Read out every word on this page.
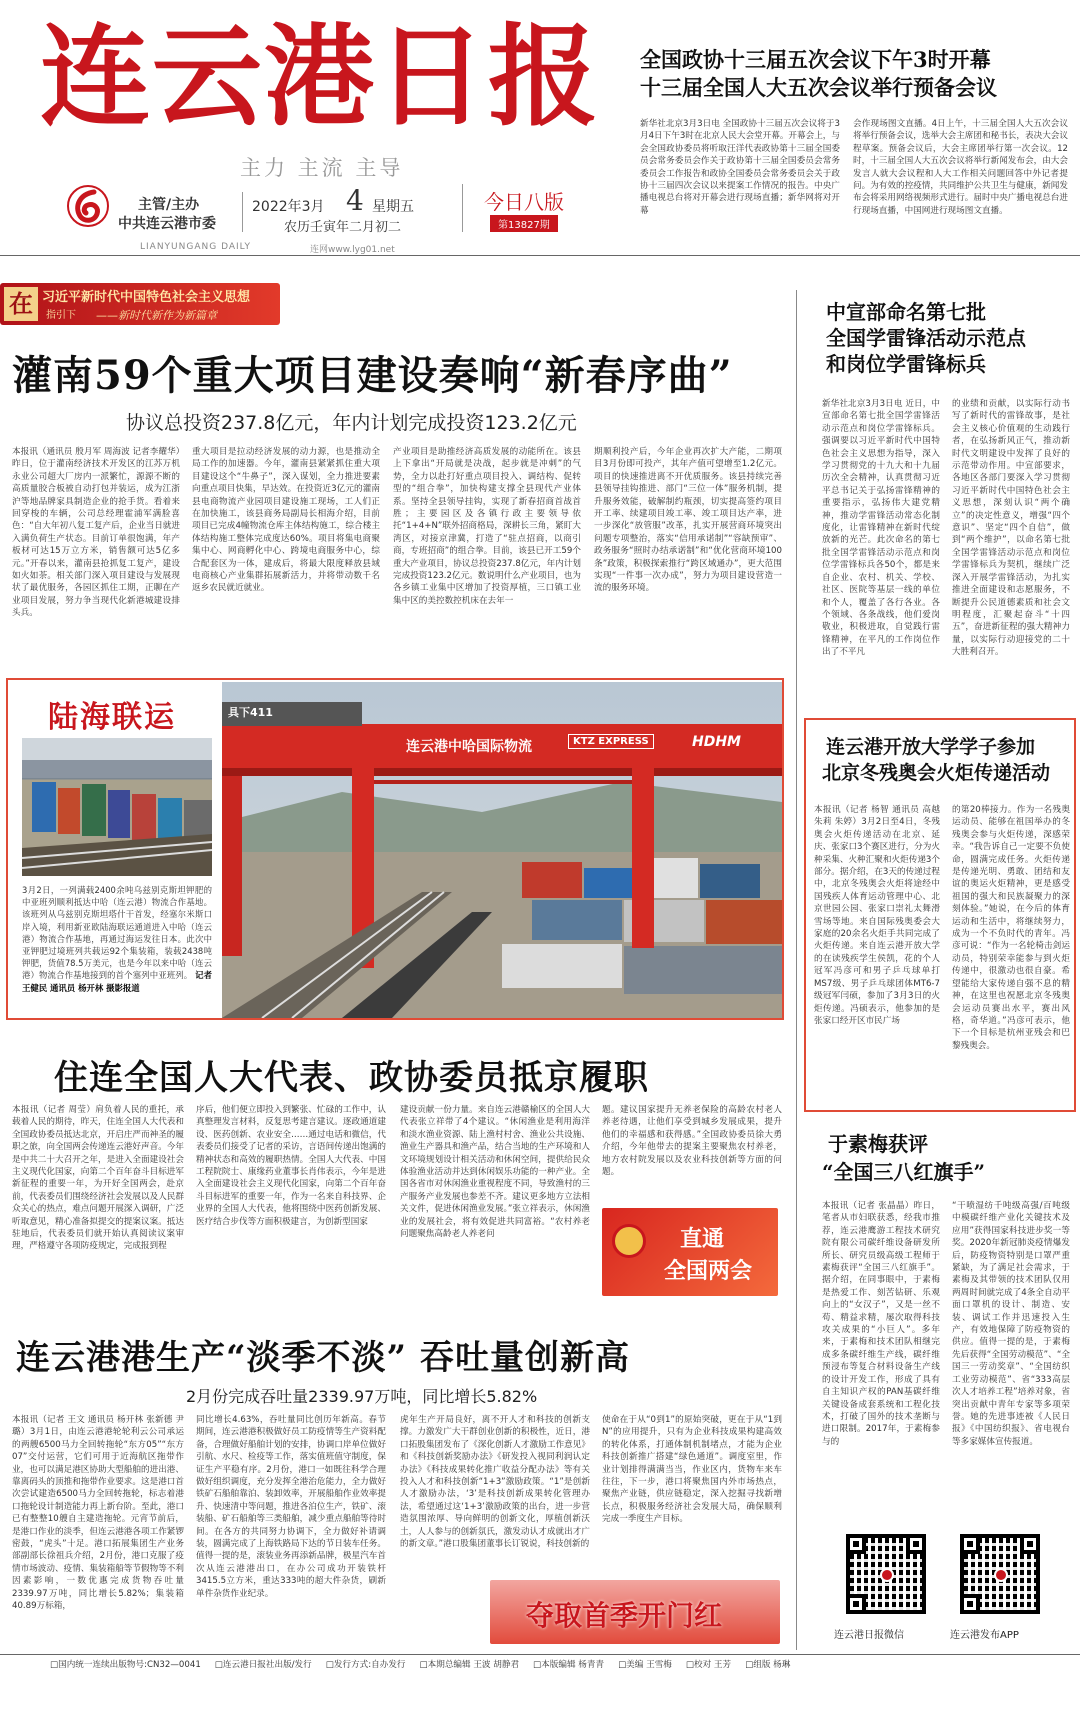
连云港日报
主力 主流 主导
主管/主办
中共连云港市委
2022年3月 4 星期五
农历壬寅年二月初二
今日八版
第13827期
LIANYUNGANG DAILY	连网www.lyg01.net
全国政协十三届五次会议下午3时开幕
十三届全国人大五次会议举行预备会议
新华社北京3月3日电 全国政协十三届五次会议将于3月4日下午3时在北京人民大会堂开幕。开幕会上，与会全国政协委员将听取汪洋代表政协第十三届全国委员会常务委员会作关于政协第十三届全国委员会常务委员会工作报告和政协全国委员会常务委员会关于政协十三届四次会议以来提案工作情况的报告。中央广播电视总台将对开幕会进行现场直播；新华网将对开幕
会作现场图文直播。4日上午，十三届全国人大五次会议将举行预备会议，选举大会主席团和秘书长，表决大会议程草案。预备会议后，大会主席团举行第一次会议。12时，十三届全国人大五次会议将举行新闻发布会，由大会发言人就大会议程和人大工作相关问题回答中外记者提问。为有效的控疫情，共同维护公共卫生与健康，新闻发布会将采用网络视频形式进行。届时中央广播电视总台进行现场直播，中国网进行现场图文直播。
在 习近平新时代中国特色社会主义思想
指引下 ——新时代新作为新篇章
灌南59个重大项目建设奏响“新春序曲”
协议总投资237.8亿元，年内计划完成投资123.2亿元
本报讯（通讯员 殷月军 周海波 记者李耀华）昨日，位于灌南经济技术开发区的江苏万机永业公司超大厂房内一派繁忙，源源不断的高质量胶合板被自动打包并装运，成为江浙沪等地品牌家具制造企业的抢手货。看着来回穿梭的车辆，公司总经理霍浦军满脸喜色：“自大年初八复工复产后，企业当日就进入满负荷生产状态。目前订单很饱满，年产板材可达15万立方米，销售额可达5亿多元。”开春以来，灌南县抢抓复工复产，建设如火如荼。相关部门深入项目建设与发展现状了最优服务，各园区抓住工期，正聊在产业项目发展，努力争当现代化新港城建设排头兵。
重大项目是拉动经济发展的动力源，也是推动全局工作的加速器。今年，灌南县紧紧抓住重大项目建设这个“牛鼻子”，深入谋划，全力推进要素向重点项目快集，早达效。在投资近3亿元的灌南县电商物流产业园项目建设施工现场，工人们正在加快施工，该县商务局副局长相海介绍，目前项目已完成4幢物流仓库主体结构施工，综合楼主体结构施工整体完成度达60%。项目将集电商聚集中心、网商孵化中心、跨境电商服务中心，综合配套区为一体，建成后，将最大限度释放县域电商核心产业集群拓展新活力，并将带动数千名返乡农民就近就业。
产业项目是助推经济高质发展的动能所在。该县上下拿出“开局就是决战，起步就是冲刺”的气势，全力以赴打好重点项目投入、调结构、促转型的“组合拳”，加快构建支撑全县现代产业体系。坚持全县领导挂钩，实现了新春招商首战首胜；主要园区及各镇行政主要领导依托“1+4+N”联外招商格局，深耕长三角，紧盯大湾区，对接京津冀，打造了“驻点招商，以商引商，专班招商”的组合拳。目前，该县已开工59个重大产业项目，协议总投资237.8亿元，年内计划完成投资123.2亿元。数说明什么产业项目，也为各乡镇工业集中区增加了投资厚植，三口镇工业集中区的美控数控机床在去年一
期顺利投产后，今年企业再次扩大产能，二期项目3月份即可投产，其年产值可望增至1.2亿元。项目的快速推进离不开优质服务。该县持续完善县领导挂钩推进、部门“三位一体”服务机制，提升服务效能，破解制约瓶颈，切实提高签约项目开工率、续建项目竣工率、竣工项目达产率，进一步深化“放管服”改革，扎实开展营商环境突出问题专项整治，落实“信用承诺制”“容缺预审”、政务服务“照时办结承诺制”和“优化营商环境100条”政策，积极探索推行“跨区域通办”，更大范围实现“一件事一次办成”，努力为项目建设营造一流的服务环境。
陆海联运
3月2日，一列满载2400余吨乌兹别克斯坦钾肥的中亚班列顺利抵达中哈（连云港）物流合作基地。该班列从乌兹别克斯坦塔什干首发，经塞尔米斯口岸入境，利用新亚欧陆海联运通道进入中哈（连云港）物流合作基地，再通过海运发往日本。此次中亚钾肥过境班列共载运92个集装箱，装载2438吨钾肥，货值78.5万美元，也是今年以来中哈（连云港）物流合作基地接到的首个塞列中亚班列。 记者 王健民 通讯员 杨开林 摄影报道
具下411
连云港中哈国际物流	KTZ EXPRESS	HDHM
住连全国人大代表、政协委员抵京履职
本报讯（记者 周莹）肩负着人民的重托，承载着人民的期待，昨天，住连全国人大代表和全国政协委员抵达北京，开启庄严而神圣的履职之旅，向全国两会传递连云港好声音。今年是中共二十大召开之年，是进入全面建设社会主义现代化国家，向第二个百年奋斗目标进军新征程的重要一年，为开好全国两会，赴京前，代表委员们围绕经济社会发展以及人民群众关心的热点，难点问题开展深入调研，广泛听取意见，精心准备拟提交的提案议案。抵达驻地后，代表委员们就开始认真阅读议案审理，严格遵守各项防疫规定，完成报到程
序后，他们便立即投入到繁张、忙碌的工作中，认真整理发言材料，反复思考建言建议。逐政通道建设、医药创新、农业安全……通过电话和微信，代表委员们接受了记者的采访，言语间传递出饱满的精神状态和高效的履职热情。全国人大代表、中国工程院院士、康缘药业董事长肖伟表示，今年是进入全面建设社会主义现代化国家，向第二个百年奋斗目标进军的重要一年，作为一名来自科技界、企业界的全国人大代表，他将围绕中医药创新发展、医疗结合步伐等方面积极建言，为创新型国家
建设贡献一份力量。来自连云港赣榆区的全国人大代表张立祥带了4个建议。“休闲渔业是利用海洋和淡水渔业资源、陆上渔村村舍、渔业公共设施、渔业生产器具和渔产品，结合当地的生产环境和人文环境规划设计相关活动和休闲空间，提供给民众体验渔业活动并达到休闲娱乐功能的一种产业。全国各省市对休闲渔业重视程度不同，导致渔村的三产服务产业发展也参差不齐。建议更多地方立法相关文件，促进休闲渔业发展。”张立祥表示，休闲渔业的发展社会，将有效促进共同富裕。“农村养老问题聚焦高龄老人养老问
题。建议国家提升无养老保险的高龄农村老人养老待遇，让他们享受到城乡发展成果，提升他们的幸福感和获得感。”全国政协委员徐大勇介绍，今年他带去的提案主要聚焦农村养老，地方农村院发展以及农业科技创新等方面的问题。
直通
全国两会
连云港港生产“淡季不淡” 吞吐量创新高
2月份完成吞吐量2339.97万吨，同比增长5.82%
本报讯（记者 王文 通讯员 杨开林 张新德 尹璐）3月1日，由连云港港轮轮利云公司承运的两艘6500马力全回转拖轮“东方05”“东方07”交付运营，它们可用于近海航区拖带作业，也可以满足港区协助大型船舶的进出港、靠离码头的顶推和拖带作业要求。这是港口首次尝试建造6500马力全回转拖轮，标志着港口拖轮设计制造能力再上新台阶。至此，港口已有整整10艘自主建造拖轮。元宵节前后，是港口作业的淡季，但连云港港各项工作紧锣密鼓，“虎头”十足。港口拓展集团生产业务部副部长徐祖兵介绍，2月份，港口克服了疫情市场波动、疫情、集装箱船等节假物等不利因素影响，一数优惠完成货物吞吐量2339.97万吨，同比增长5.82%；集装箱40.89万标箱，
同比增长4.63%，吞吐量同比创历年新高。春节期间，连云港港积极做好员工防疫情等生产资料配备，合理做好船舶计划的安排，协调口岸单位做好引航、水尺、检疫等工作，落实值班值守制度，保证生产平稳有序。2月份，港口一如既往科学合理做好组织调度，充分发挥全港治危能力，全力做好铁矿石船舶靠泊、装卸效率，开展船舶作业效率提升、快速清中等问题，推进各泊位生产，铁矿、滚装船、矿石船舶等三类船舶，减少重点船舶等待时间。在各方的共同努力协调下，全力做好补请调装，圆满完成了上海铁路局下达的节日装车任务。值得一提的是，滚装业务再添新品牌，极星汽车首次从连云港港出口，在办公司成功开装铁杆3415.5立方米，重达333吨的超大件杂货，刷新单件杂货作业纪录。
虎年生产开局良好，离不开人才和科技的创新支撑。力激发广大干群创业创新的积极性，近日，港口拓股集团发布了《深化创新人才激励工作意见》和《科技创新奖励办法》《研发投入视同利润认定办法》《科技成果转化推广收益分配办法》等有关投入人才和科技创新“1+3”激励政策。“1”是创新人才激励办法，‘3’是科技创新成果转化管理办法，希望通过这‘1+3’激励政策的出台，进一步营造氛围浓厚、导向鲜明的创新文化，厚植创新沃土，人人参与的创新氛氏，激发动认才成就出才广的新文章。”港口股集团董事长订锐说，科技创新的
使命在于从“0到1”的原始突破，更在于从“1到N”的应用提升，只有为企业科技成果构建高效的转化体系，打通体制机制堵点，才能为企业科技创新推广搭建“绿色通道”。调度室里，作业计划排得满满当当，作业区内，货物车来车往往，下一步，港口将聚焦国内外市场热点，聚焦产业链，供应链稳定，深入挖掘寻找新增长点，积极服务经济社会发展大局，确保顺利完成一季度生产目标。
夺取首季开门红
中宣部命名第七批
全国学雷锋活动示范点
和岗位学雷锋标兵
新华社北京3月3日电 近日，中宣部命名第七批全国学雷锋活动示范点和岗位学雷锋标兵。强调要以习近平新时代中国特色社会主义思想为指导，深入学习贯彻党的十九大和十九届历次全会精神，认真贯彻习近平总书记关于弘扬雷锋精神的重要指示，弘扬伟大建党精神，推动学雷锋活动常态化制度化，让雷锋精神在新时代绽放新的光芒。此次命名的第七批全国学雷锋活动示范点和岗位学雷锋标兵各50个，都是来自企业、农村、机关、学校、社区、医院等基层一线的单位和个人，覆盖了各行各业。各个领域、各条战线，他们爱岗敬业，积极进取，自觉践行雷锋精神，在平凡的工作岗位作出了不平凡
的业绩和贡献，以实际行动书写了新时代的雷锋故事，是社会主义核心价值观的生动践行者，在弘扬新风正气，推动新时代文明建设中发挥了良好的示范带动作用。中宣部要求，各地区各部门要深入学习贯彻习近平新时代中国特色社会主义思想，深刻认识“两个确立”的决定性意义，增强“四个意识”、坚定“四个自信”，做到“两个维护”，以命名第七批全国学雷锋活动示范点和岗位学雷锋标兵为契机，继续广泛深入开展学雷锋活动，为扎实推进全面建设和志愿服务，不断提升公民道德素质和社会文明程度，汇聚起奋斗“十四五”，奋进新征程的强大精神力量，以实际行动迎接党的二十大胜利召开。
连云港开放大学学子参加
北京冬残奥会火炬传递活动
本报讯（记者 杨智 通讯员 高越 朱莉 朱婷）3月2日至4日，冬残奥会火炬传递活动在北京、延庆、张家口3个赛区进行，分为火种采集、火种汇聚和火炬传递3个部分。据介绍，在3天的传递过程中，北京冬残奥会火炬将途经中国残疾人体育运动管理中心、北京世园公园、张家口崇礼太舞滑雪场等地。来自国际残奥委会大家庭的20余名火炬手共同完成了火炬传递。来自连云港开放大学的在读残疾学生侯凯，花的个人冠军冯彦可和男子乒乓球单打MS7级、男子乒乓球团体MT6-7级冠军闫硕，参加了3月3日的火炬传递。冯硕表示，他参加的是张家口经开区市民广场
的第20棒接力。作为一名残奥运动员、能够在祖国举办的冬残奥会参与火炬传递，深感荣幸。“我告诉自己一定要不负使命，圆满完成任务。火炬传递是传递光明、勇敢、团结和友谊的奥运火炬精神，更是感受祖国的强大和民族凝聚力的深刻体验。”她说，在今后的体育运动和生活中，将继续努力，成为一个不负时代的青年。冯彦可说：“作为一名轮椅击剑运动员，特别荣幸能参与到火炬传递中，很激动也很自豪。希望能给大家传递自强不息的精神，在这里也祝愿北京冬残奥会运动员赛出水平，赛出风格，奇华道。”冯彦可表示，他下一个目标是杭州亚残会和巴黎残奥会。
于素梅获评
“全国三八红旗手”
本报讯（记者 张晶晶）昨日，笔者从市妇联获悉，经我市推荐，连云港鹰游工程技术研究院有限公司碳纤维设备研发所所长、研究员级高级工程师于素梅获评“全国三八红旗手”。据介绍，在同事眼中，于素梅是热爱工作、刻苦钻研、乐观向上的“女汉子”，又是一丝不苟、精益求精，屡次取得科技攻关成果的“小巨人”。多年来，于素梅和技术团队相继完成多条碳纤维生产线，碳纤维预浸布等复合材料设备生产线的设计开发工作，形成了具有自主知识产权的PAN基碳纤维关键设备成套系统和工程化技术，打破了国外的技术垄断与进口限制。2017年，于素梅参与的
“干喷湿纺千吨级高强/百吨级中模碳纤维产业化关键技术及应用”获得国家科技进步奖一等奖。2020年新冠肺炎疫情爆发后，防疫物资特别是口罩严重紧缺，为了满足社会需求，于素梅及其带领的技术团队仅用两周时间就完成了4条全自动平面口罩机的设计、制造、安装、调试工作并迅速投入生产，有效地保障了防疫物资的供应。值得一提的是，于素梅先后获得“全国劳动模范”、“全国三一劳动奖章”、“全国纺织工业劳动模范”、省“333高层次人才培养工程”培养对象，省突出贡献中青年专家等多项荣誉。她的先进事迹被《人民日报》《中国纺织报》、省电视台等多家媒体宣传报道。
连云港日报微信	连云港发布APP
□国内统一连续出版物号:CN32—0041 □连云港日报社出版/发行 □发行方式:自办发行 □本期总编辑 王波 胡静君 □本版编辑 杨青青 □美编 王雪梅 □校对 王芳 □组版 杨琳
